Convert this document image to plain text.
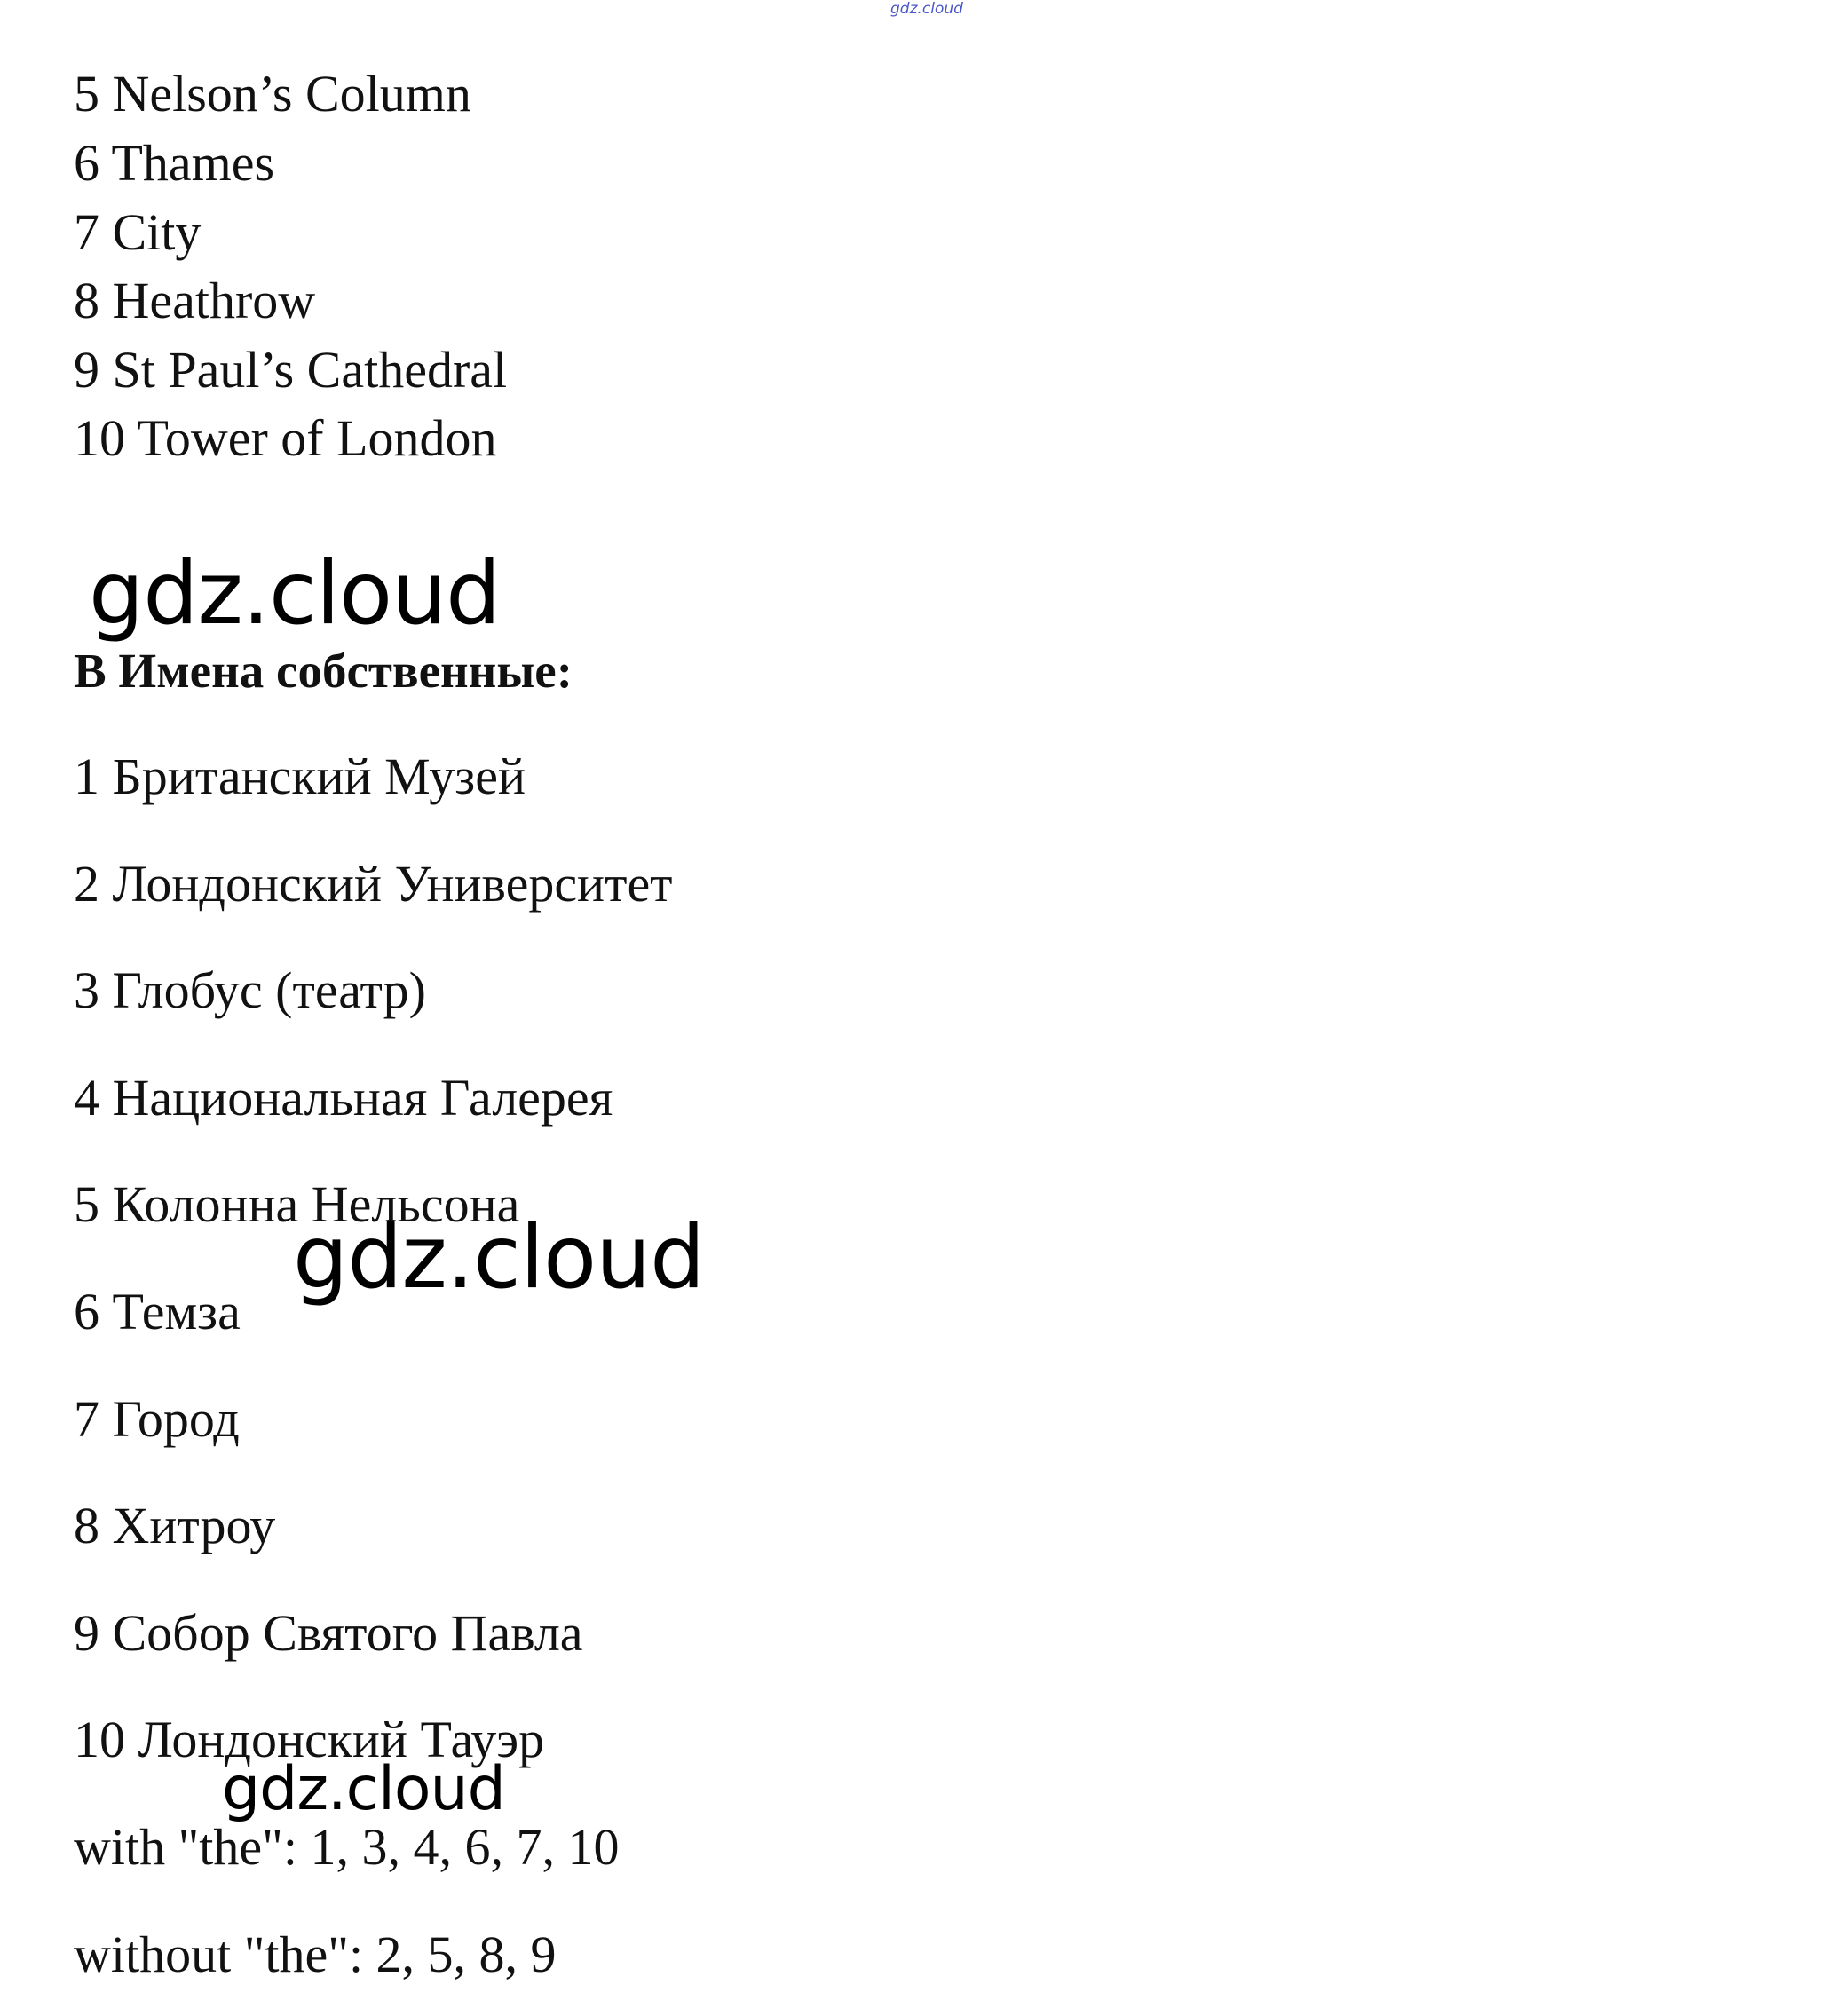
gdz.cloud
5 Nelson’s Column
6 Thames
7 City
8 Heathrow
9 St Paul’s Cathedral
10 Tower of London
gdz.cloud
B Имена собственные:
1 Британский Музей
2 Лондонский Университет
3 Глобус (театр)
4 Национальная Галерея
5 Колонна Нельсона
6 Темза
7 Город
8 Хитроу
9 Собор Святого Павла
10 Лондонский Тауэр
gdz.cloud
gdz.cloud
with "the": 1, 3, 4, 6, 7, 10
without "the": 2, 5, 8, 9
